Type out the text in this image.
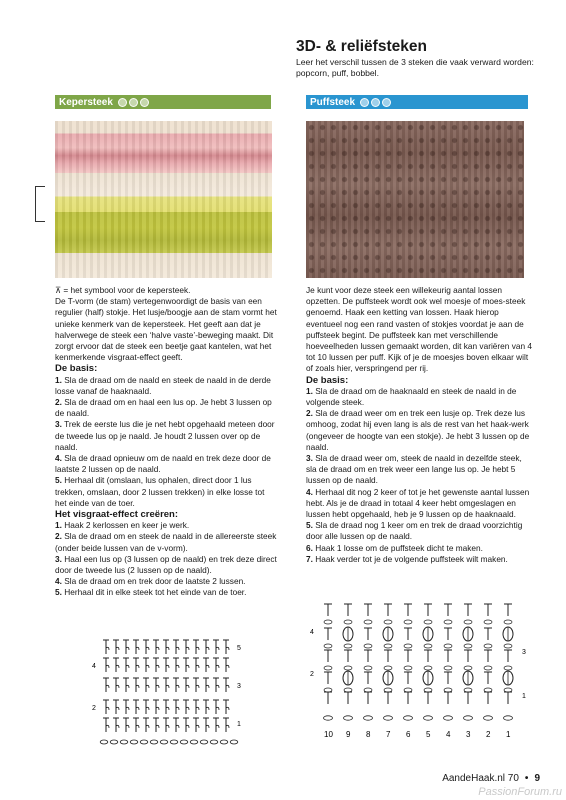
3D- & reliëfsteken

Leer het verschil tussen de 3 steken die vaak verward worden: popcorn, puff, bobbel.

Kepersteek	Puffsteek

⊼ = het symbool voor de kepersteek.

De T-vorm (de stam) vertegenwoordigt de basis van een regulier (half) stokje. Het lusje/boogje aan de stam vormt het unieke kenmerk van de kepersteek. Het geeft aan dat je halverwege de steek een ‘halve vaste’-beweging maakt. Dit zorgt ervoor dat de steek een beetje gaat kantelen, wat het kenmerkende visgraat-effect geeft.

De basis:

1. Sla de draad om de naald en steek de naald in de derde losse vanaf de haaknaald.

2. Sla de draad om en haal een lus op. Je hebt 3 lussen op de naald.

3. Trek de eerste lus die je net hebt opgehaald meteen door de tweede lus op je naald. Je houdt 2 lussen over op de naald.

4. Sla de draad opnieuw om de naald en trek deze door de laatste 2 lussen op de naald.

5. Herhaal dit (omslaan, lus ophalen, direct door 1 lus trekken, omslaan, door 2 lussen trekken) in elke losse tot het einde van de toer.

Het visgraat-effect creëren:

1. Haak 2 kerlossen en keer je werk.

2. Sla de draad om en steek de naald in de allereerste steek (onder beide lussen van de v-vorm).

3. Haal een lus op (3 lussen op de naald) en trek deze direct door de tweede lus (2 lussen op de naald).

4. Sla de draad om en trek door de laatste 2 lussen.

5. Herhaal dit in elke steek tot het einde van de toer.

Je kunt voor deze steek een willekeurig aantal lossen opzetten. De puffsteek wordt ook wel moesje of moes-steek genoemd. Haak een ketting van lossen. Haak hierop eventueel nog een rand vasten of stokjes voordat je aan de puffsteek begint. De puffsteek kan met verschillende hoeveelheden lussen gemaakt worden, dit kan variëren van 4 tot 10 lussen per puff. Kijk of je de moesjes boven elkaar wilt of zoals hier, verspringend per rij.

De basis:

1. Sla de draad om de haaknaald en steek de naald in de volgende steek.

2. Sla de draad weer om en trek een lusje op. Trek deze lus omhoog, zodat hij even lang is als de rest van het haak-werk (ongeveer de hoogte van een stokje). Je hebt 3 lussen op de naald.

3. Sla de draad weer om, steek de naald in dezelfde steek, sla de draad om en trek weer een lange lus op. Je hebt 5 lussen op de naald.

4. Herhaal dit nog 2 keer of tot je het gewenste aantal lussen hebt. Als je de draad in totaal 4 keer hebt omgeslagen en lussen hebt opgehaald, heb je 9 lussen op de haaknaald.

5. Sla de draad nog 1 keer om en trek de draad voorzichtig door alle lussen op de naald.

6. Haak 1 losse om de puffsteek dicht te maken.

7. Haak verder tot je de volgende puffsteek wilt maken.

5
4
3
2
1
4
3
2
1
10 9 8 7 6 5 4 3 2 1
AandeHaak.nl 70 • 9
PassionForum.ru
